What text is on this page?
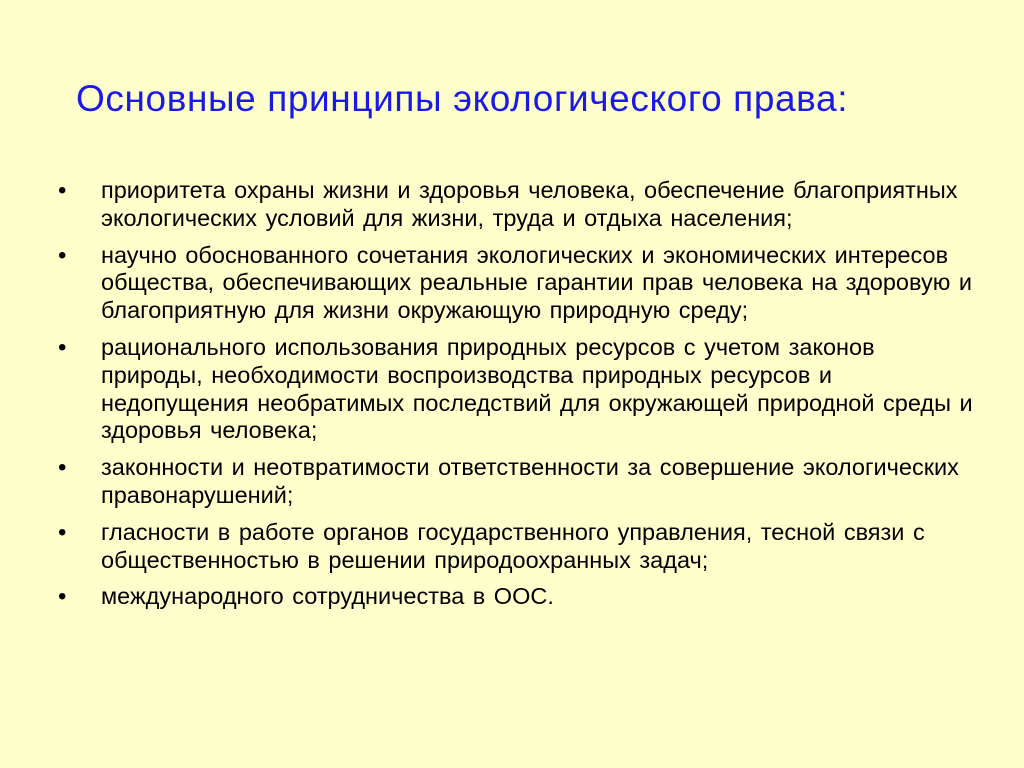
Основные принципы экологического права:
• приоритета охраны жизни и здоровья человека, обеспечение благоприятных экологических условий для жизни, труда и отдыха населения;
• научно обоснованного сочетания экологических и экономических интересов общества, обеспечивающих реальные гарантии прав человека на здоровую и благоприятную для жизни окружающую природную среду;
• рационального использования природных ресурсов с учетом законов природы, необходимости воспроизводства природных ресурсов и недопущения необратимых последствий для окружающей природной среды и здоровья человека;
• законности и неотвратимости ответственности за совершение экологических правонарушений;
• гласности в работе органов государственного управления, тесной связи с общественностью в решении природоохранных задач;
• международного сотрудничества в ООС.
